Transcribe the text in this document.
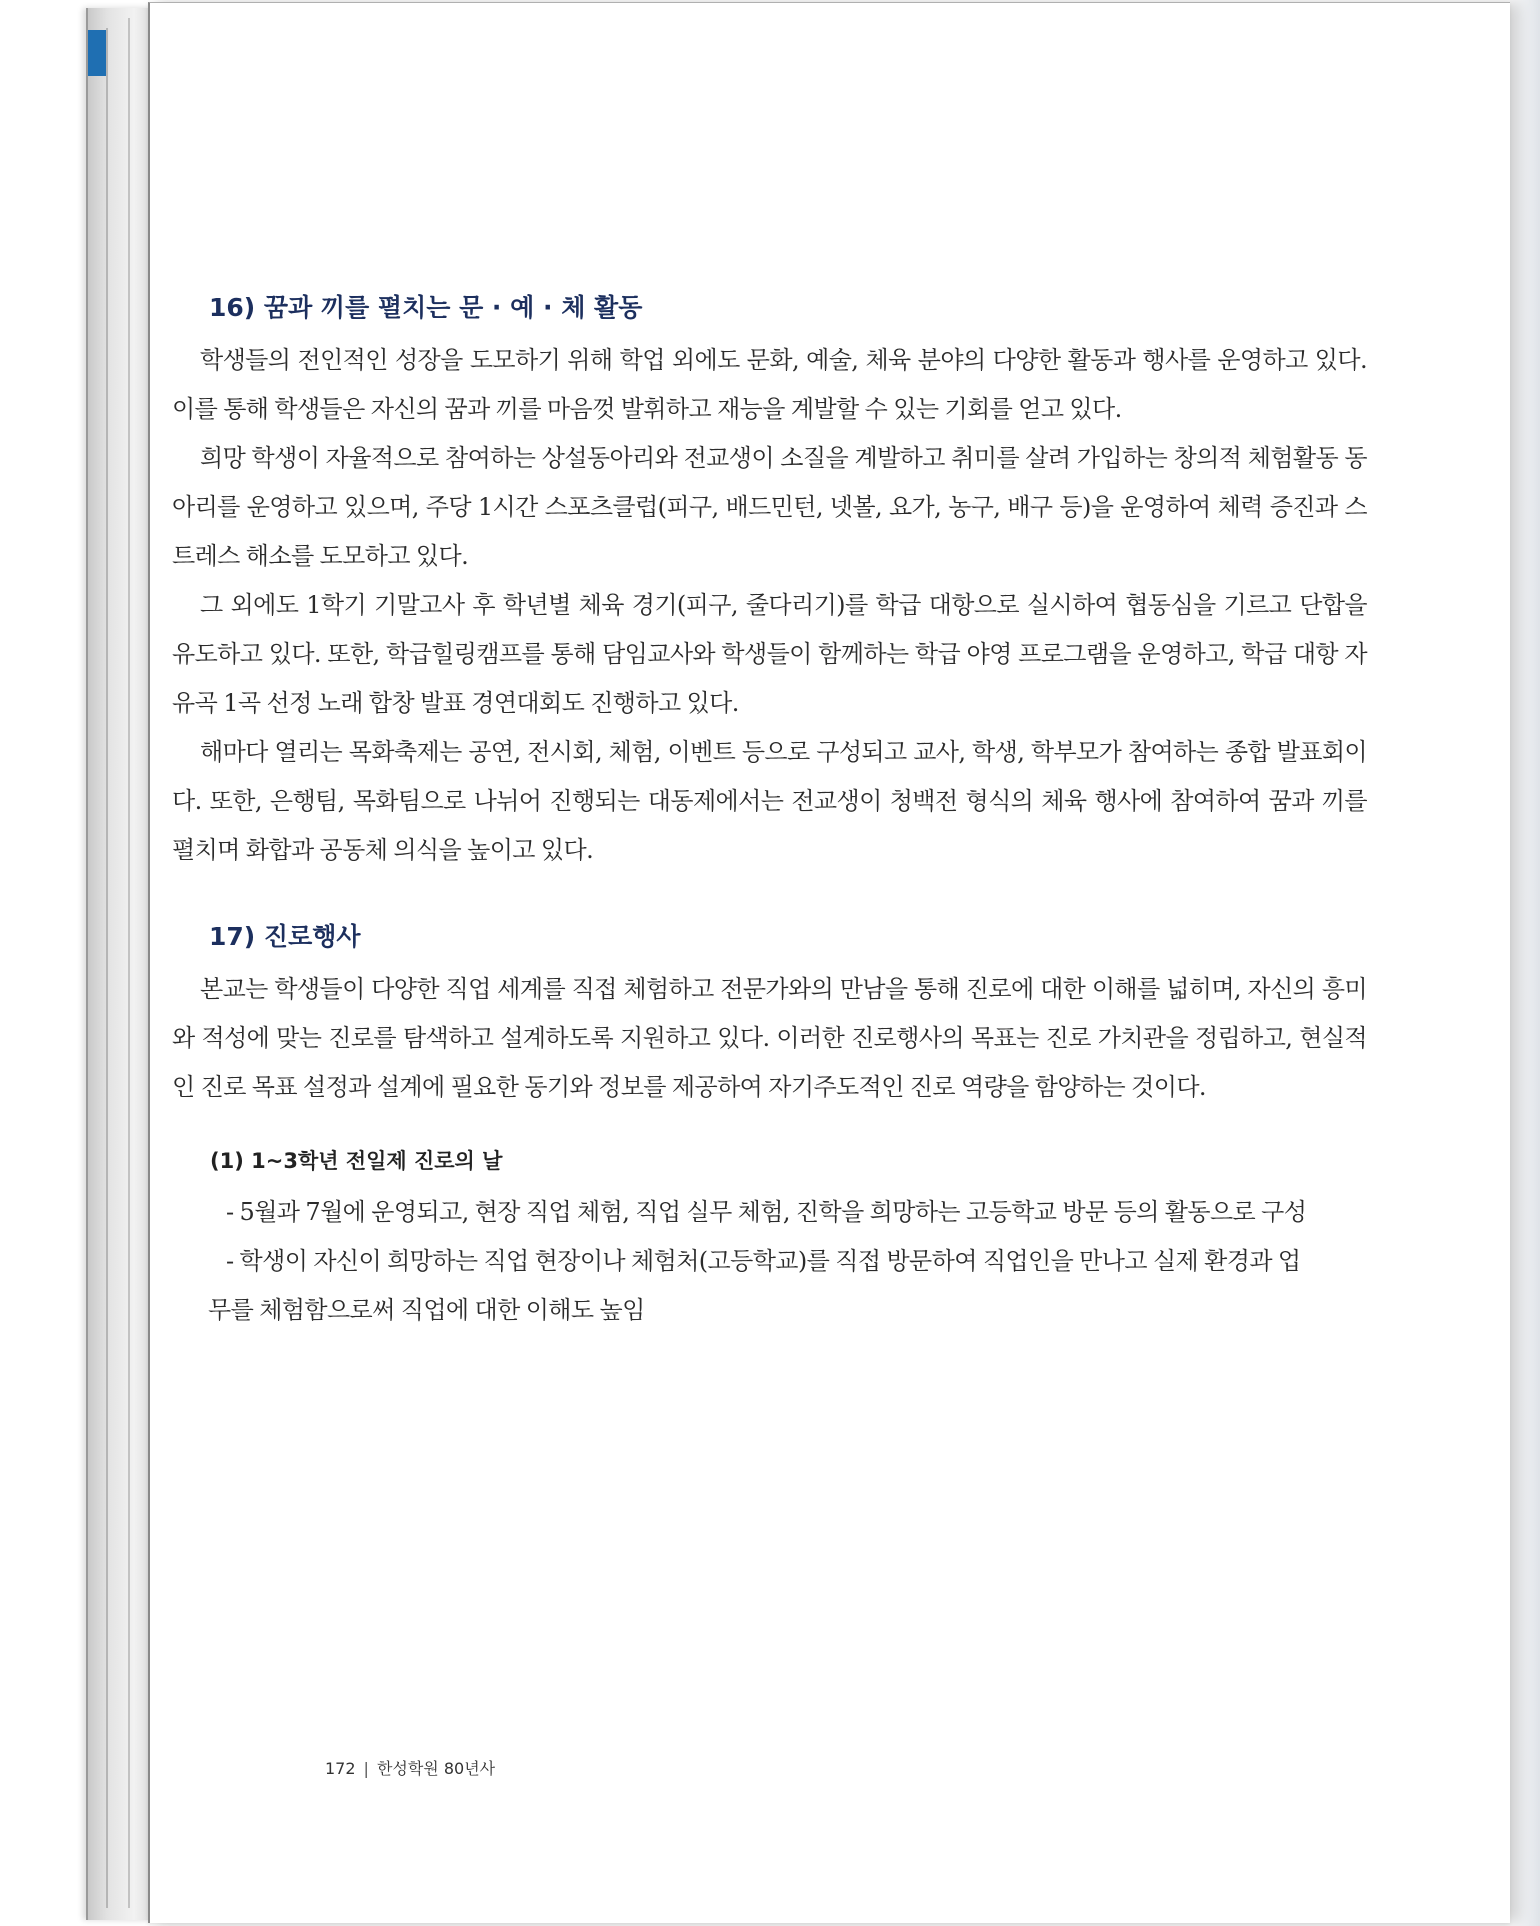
16) 꿈과 끼를 펼치는 문 · 예 · 체 활동

학생들의 전인적인 성장을 도모하기 위해 학업 외에도 문화, 예술, 체육 분야의 다양한 활동과 행사를 운영하고 있다. 이를 통해 학생들은 자신의 꿈과 끼를 마음껏 발휘하고 재능을 계발할 수 있는 기회를 얻고 있다.

희망 학생이 자율적으로 참여하는 상설동아리와 전교생이 소질을 계발하고 취미를 살려 가입하는 창의적 체험활동 동아리를 운영하고 있으며, 주당 1시간 스포츠클럽(피구, 배드민턴, 넷볼, 요가, 농구, 배구 등)을 운영하여 체력 증진과 스트레스 해소를 도모하고 있다.

그 외에도 1학기 기말고사 후 학년별 체육 경기(피구, 줄다리기)를 학급 대항으로 실시하여 협동심을 기르고 단합을 유도하고 있다. 또한, 학급힐링캠프를 통해 담임교사와 학생들이 함께하는 학급 야영 프로그램을 운영하고, 학급 대항 자유곡 1곡 선정 노래 합창 발표 경연대회도 진행하고 있다.

해마다 열리는 목화축제는 공연, 전시회, 체험, 이벤트 등으로 구성되고 교사, 학생, 학부모가 참여하는 종합 발표회이다. 또한, 은행팀, 목화팀으로 나뉘어 진행되는 대동제에서는 전교생이 청백전 형식의 체육 행사에 참여하여 꿈과 끼를 펼치며 화합과 공동체 의식을 높이고 있다.

17) 진로행사

본교는 학생들이 다양한 직업 세계를 직접 체험하고 전문가와의 만남을 통해 진로에 대한 이해를 넓히며, 자신의 흥미와 적성에 맞는 진로를 탐색하고 설계하도록 지원하고 있다. 이러한 진로행사의 목표는 진로 가치관을 정립하고, 현실적인 진로 목표 설정과 설계에 필요한 동기와 정보를 제공하여 자기주도적인 진로 역량을 함양하는 것이다.

(1) 1~3학년 전일제 진로의 날

- 5월과 7월에 운영되고, 현장 직업 체험, 직업 실무 체험, 진학을 희망하는 고등학교 방문 등의 활동으로 구성

- 학생이 자신이 희망하는 직업 현장이나 체험처(고등학교)를 직접 방문하여 직업인을 만나고 실제 환경과 업무를 체험함으로써 직업에 대한 이해도 높임

172 | 한성학원 80년사
